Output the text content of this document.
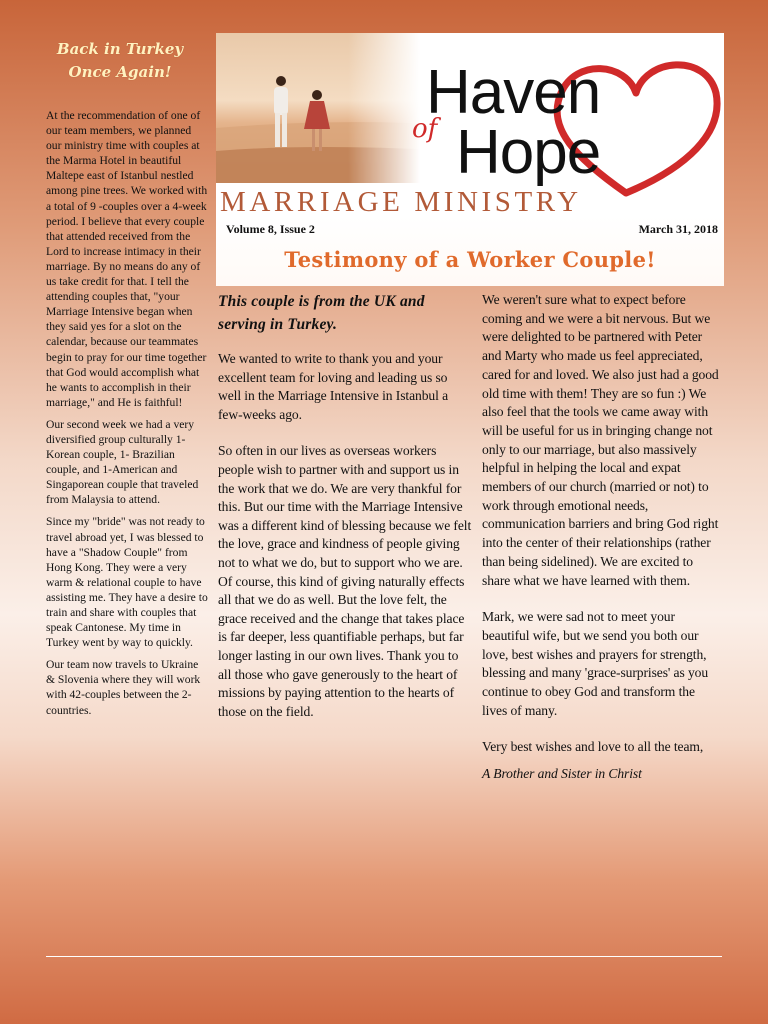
Back in Turkey
Once Again!

At the recommendation of one of our team members, we planned our ministry time with couples at the Marma Hotel in beautiful Maltepe east of Istanbul nestled among pine trees. We worked with a total of 9 -couples over a 4-week period. I believe that every couple that attended received from the Lord to increase intimacy in their marriage. By no means do any of us take credit for that. I tell the attending couples that, "your Marriage Intensive began when they said yes for a slot on the calendar, because our teammates begin to pray for our time together that God would accomplish what he wants to accomplish in their marriage," and He is faithful!

Our second week we had a very diversified group culturally 1-Korean couple, 1- Brazilian couple, and 1-American and Singaporean couple that traveled from Malaysia to attend.

Since my "bride" was not ready to travel abroad yet, I was blessed to have a "Shadow Couple" from Hong Kong. They were a very warm & relational couple to have assisting me. They have a desire to train and share with couples that speak Cantonese. My time in Turkey went by way to quickly.

Our team now travels to Ukraine & Slovenia where they will work with 42-couples between the 2-countries.

Haven
of Hope
MARRIAGE MINISTRY
Volume 8, Issue 2	March 31, 2018
Testimony of a Worker Couple!

This couple is from the UK and serving in Turkey.

We wanted to write to thank you and your excellent team for loving and leading us so well in the Marriage Intensive in Istanbul a few-weeks ago.

So often in our lives as overseas workers people wish to partner with and support us in the work that we do. We are very thankful for this. But our time with the Marriage Intensive was a different kind of blessing because we felt the love, grace and kindness of people giving not to what we do, but to support who we are. Of course, this kind of giving naturally effects all that we do as well. But the love felt, the grace received and the change that takes place is far deeper, less quantifiable perhaps, but far longer lasting in our own lives. Thank you to all those who gave generously to the heart of missions by paying attention to the hearts of those on the field.

We weren't sure what to expect before coming and we were a bit nervous. But we were delighted to be partnered with Peter and Marty who made us feel appreciated, cared for and loved. We also just had a good old time with them! They are so fun :) We also feel that the tools we came away with will be useful for us in bringing change not only to our marriage, but also massively helpful in helping the local and expat members of our church (married or not) to work through emotional needs, communication barriers and bring God right into the center of their relationships (rather than being sidelined). We are excited to share what we have learned with them.

Mark, we were sad not to meet your beautiful wife, but we send you both our love, best wishes and prayers for strength, blessing and many 'grace-surprises' as you continue to obey God and transform the lives of many.

Very best wishes and love to all the team,

A Brother and Sister in Christ
